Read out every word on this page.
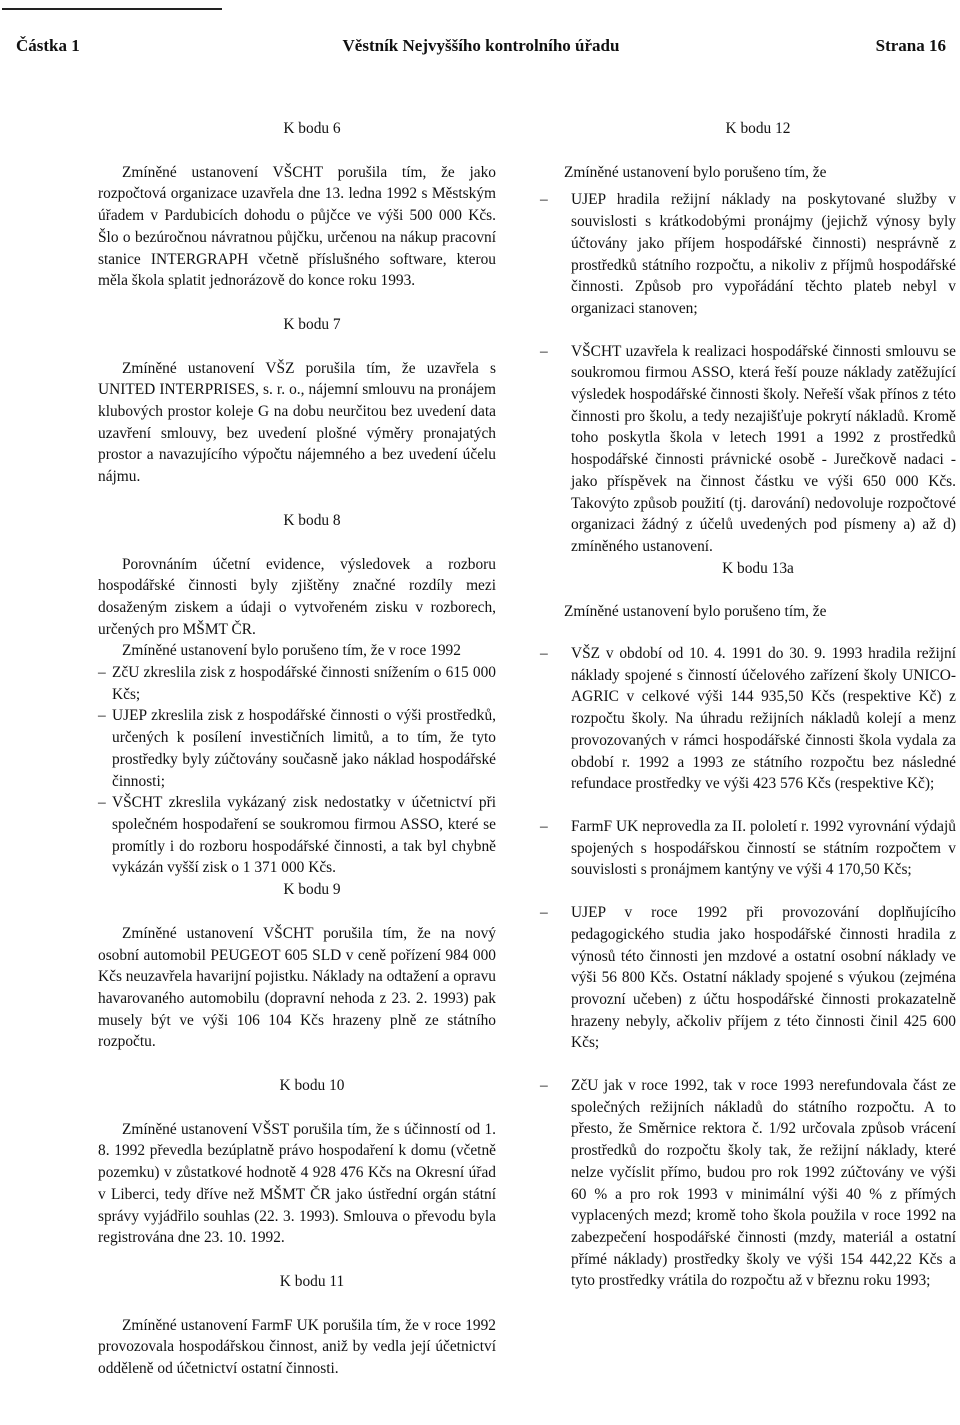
Částka 1	Věstník Nejvyššího kontrolního úřadu	Strana 16
K bodu 6

Zmíněné ustanovení VŠCHT porušila tím, že jako rozpočtová organizace uzavřela dne 13. ledna 1992 s Městským úřadem v Pardubicích dohodu o půjčce ve výši 500 000 Kčs. Šlo o bezúročnou návratnou půjčku, určenou na nákup pracovní stanice INTERGRAPH včetně příslušného software, kterou měla škola splatit jednorázově do konce roku 1993.

K bodu 7

Zmíněné ustanovení VŠZ porušila tím, že uzavřela s UNITED INTERPRISES, s. r. o., nájemní smlouvu na pronájem klubových prostor koleje G na dobu neurčitou bez uvedení data uzavření smlouvy, bez uvedení plošné výměry pronajatých prostor a navazujícího výpočtu nájemného a bez uvedení účelu nájmu.

K bodu 8

Porovnáním účetní evidence, výsledovek a rozboru hospodářské činnosti byly zjištěny značné rozdíly mezi dosaženým ziskem a údaji o vytvořeném zisku v rozborech, určených pro MŠMT ČR.

Zmíněné ustanovení bylo porušeno tím, že v roce 1992

– ZčU zkreslila zisk z hospodářské činnosti snížením o 615 000 Kčs;

– UJEP zkreslila zisk z hospodářské činnosti o výši prostředků, určených k posílení investičních limitů, a to tím, že tyto prostředky byly zúčtovány současně jako náklad hospodářské činnosti;

– VŠCHT zkreslila vykázaný zisk nedostatky v účetnictví při společném hospodaření se soukromou firmou ASSO, které se promítly i do rozboru hospodářské činnosti, a tak byl chybně vykázán vyšší zisk o 1 371 000 Kčs.

K bodu 9

Zmíněné ustanovení VŠCHT porušila tím, že na nový osobní automobil PEUGEOT 605 SLD v ceně pořízení 984 000 Kčs neuzavřela havarijní pojistku. Náklady na odtažení a opravu havarovaného automobilu (dopravní nehoda z 23. 2. 1993) pak musely být ve výši 106 104 Kčs hrazeny plně ze státního rozpočtu.

K bodu 10

Zmíněné ustanovení VŠST porušila tím, že s účinností od 1. 8. 1992 převedla bezúplatně právo hospodaření k domu (včetně pozemku) v zůstatkové hodnotě 4 928 476 Kčs na Okresní úřad v Liberci, tedy dříve než MŠMT ČR jako ústřední orgán státní správy vyjádřilo souhlas (22. 3. 1993). Smlouva o převodu byla registrována dne 23. 10. 1992.

K bodu 11

Zmíněné ustanovení FarmF UK porušila tím, že v roce 1992 provozovala hospodářskou činnost, aniž by vedla její účetnictví odděleně od účetnictví ostatní činnosti.

K bodu 12

Zmíněné ustanovení bylo porušeno tím, že

– UJEP hradila režijní náklady na poskytované služby v souvislosti s krátkodobými pronájmy (jejichž výnosy byly účtovány jako příjem hospodářské činnosti) nesprávně z prostředků státního rozpočtu, a nikoliv z příjmů hospodářské činnosti. Způsob pro vypořádání těchto plateb nebyl v organizaci stanoven;

– VŠCHT uzavřela k realizaci hospodářské činnosti smlouvu se soukromou firmou ASSO, která řeší pouze náklady zatěžující výsledek hospodářské činnosti školy. Neřeší však přínos z této činnosti pro školu, a tedy nezajišťuje pokrytí nákladů. Kromě toho poskytla škola v letech 1991 a 1992 z prostředků hospodářské činnosti právnické osobě - Jurečkově nadaci - jako příspěvek na činnost částku ve výši 650 000 Kčs. Takovýto způsob použití (tj. darování) nedovoluje rozpočtové organizaci žádný z účelů uvedených pod písmeny a) až d) zmíněného ustanovení.

K bodu 13a

Zmíněné ustanovení bylo porušeno tím, že

– VŠZ v období od 10. 4. 1991 do 30. 9. 1993 hradila režijní náklady spojené s činností účelového zařízení školy UNICO-AGRIC v celkové výši 144 935,50 Kčs (respektive Kč) z rozpočtu školy. Na úhradu režijních nákladů kolejí a menz provozovaných v rámci hospodářské činnosti škola vydala za období r. 1992 a 1993 ze státního rozpočtu bez následné refundace prostředky ve výši 423 576 Kčs (respektive Kč);

– FarmF UK neprovedla za II. pololetí r. 1992 vyrovnání výdajů spojených s hospodářskou činností se státním rozpočtem v souvislosti s pronájmem kantýny ve výši 4 170,50 Kčs;

– UJEP v roce 1992 při provozování doplňujícího pedagogického studia jako hospodářské činnosti hradila z výnosů této činnosti jen mzdové a ostatní osobní náklady ve výši 56 800 Kčs. Ostatní náklady spojené s výukou (zejména provozní učeben) z účtu hospodářské činnosti prokazatelně hrazeny nebyly, ačkoliv příjem z této činnosti činil 425 600 Kčs;

– ZčU jak v roce 1992, tak v roce 1993 nerefundovala část ze společných režijních nákladů do státního rozpočtu. A to přesto, že Směrnice rektora č. 1/92 určovala způsob vrácení prostředků do rozpočtu školy tak, že režijní náklady, které nelze vyčíslit přímo, budou pro rok 1992 zúčtovány ve výši 60 % a pro rok 1993 v minimální výši 40 % z přímých vyplacených mezd; kromě toho škola použila v roce 1992 na zabezpečení hospodářské činnosti (mzdy, materiál a ostatní přímé náklady) prostředky školy ve výši 154 442,22 Kčs a tyto prostředky vrátila do rozpočtu až v březnu roku 1993;
